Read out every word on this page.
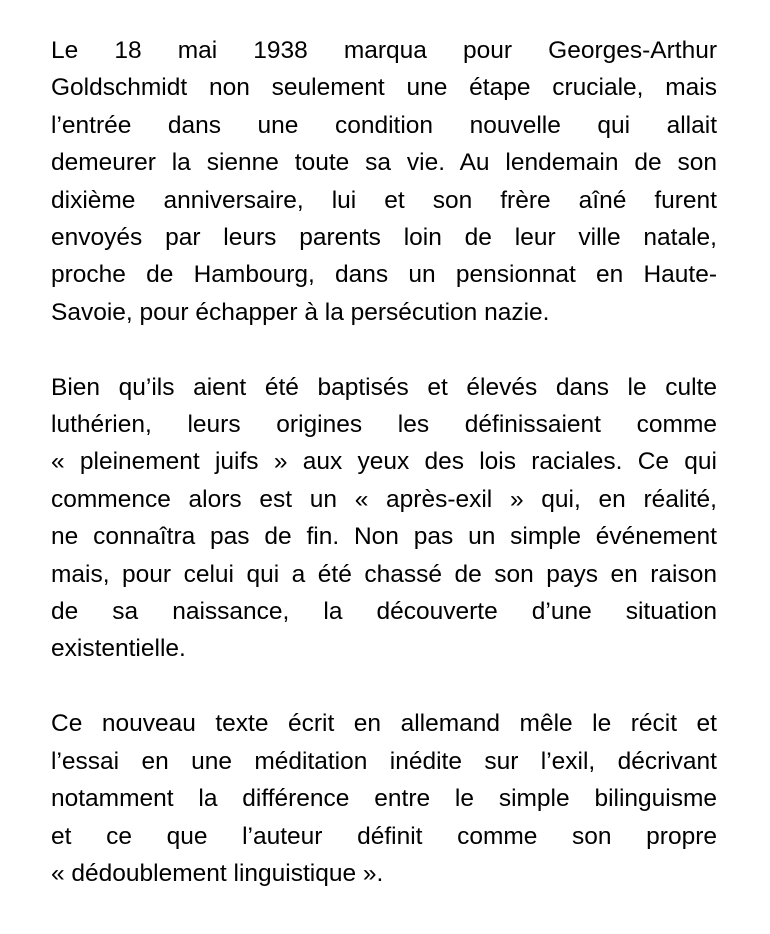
Le 18 mai 1938 marqua pour Georges-Arthur
Goldschmidt non seulement une étape cruciale, mais
l’entrée dans une condition nouvelle qui allait
demeurer la sienne toute sa vie. Au lendemain de son
dixième anniversaire, lui et son frère aîné furent
envoyés par leurs parents loin de leur ville natale,
proche de Hambourg, dans un pensionnat en Haute-
Savoie, pour échapper à la persécution nazie.

Bien qu’ils aient été baptisés et élevés dans le culte
luthérien, leurs origines les définissaient comme
« pleinement juifs » aux yeux des lois raciales. Ce qui
commence alors est un « après-exil » qui, en réalité,
ne connaîtra pas de fin. Non pas un simple événement
mais, pour celui qui a été chassé de son pays en raison
de sa naissance, la découverte d’une situation
existentielle.

Ce nouveau texte écrit en allemand mêle le récit et
l’essai en une méditation inédite sur l’exil, décrivant
notamment la différence entre le simple bilinguisme
et ce que l’auteur définit comme son propre
« dédoublement linguistique ».
